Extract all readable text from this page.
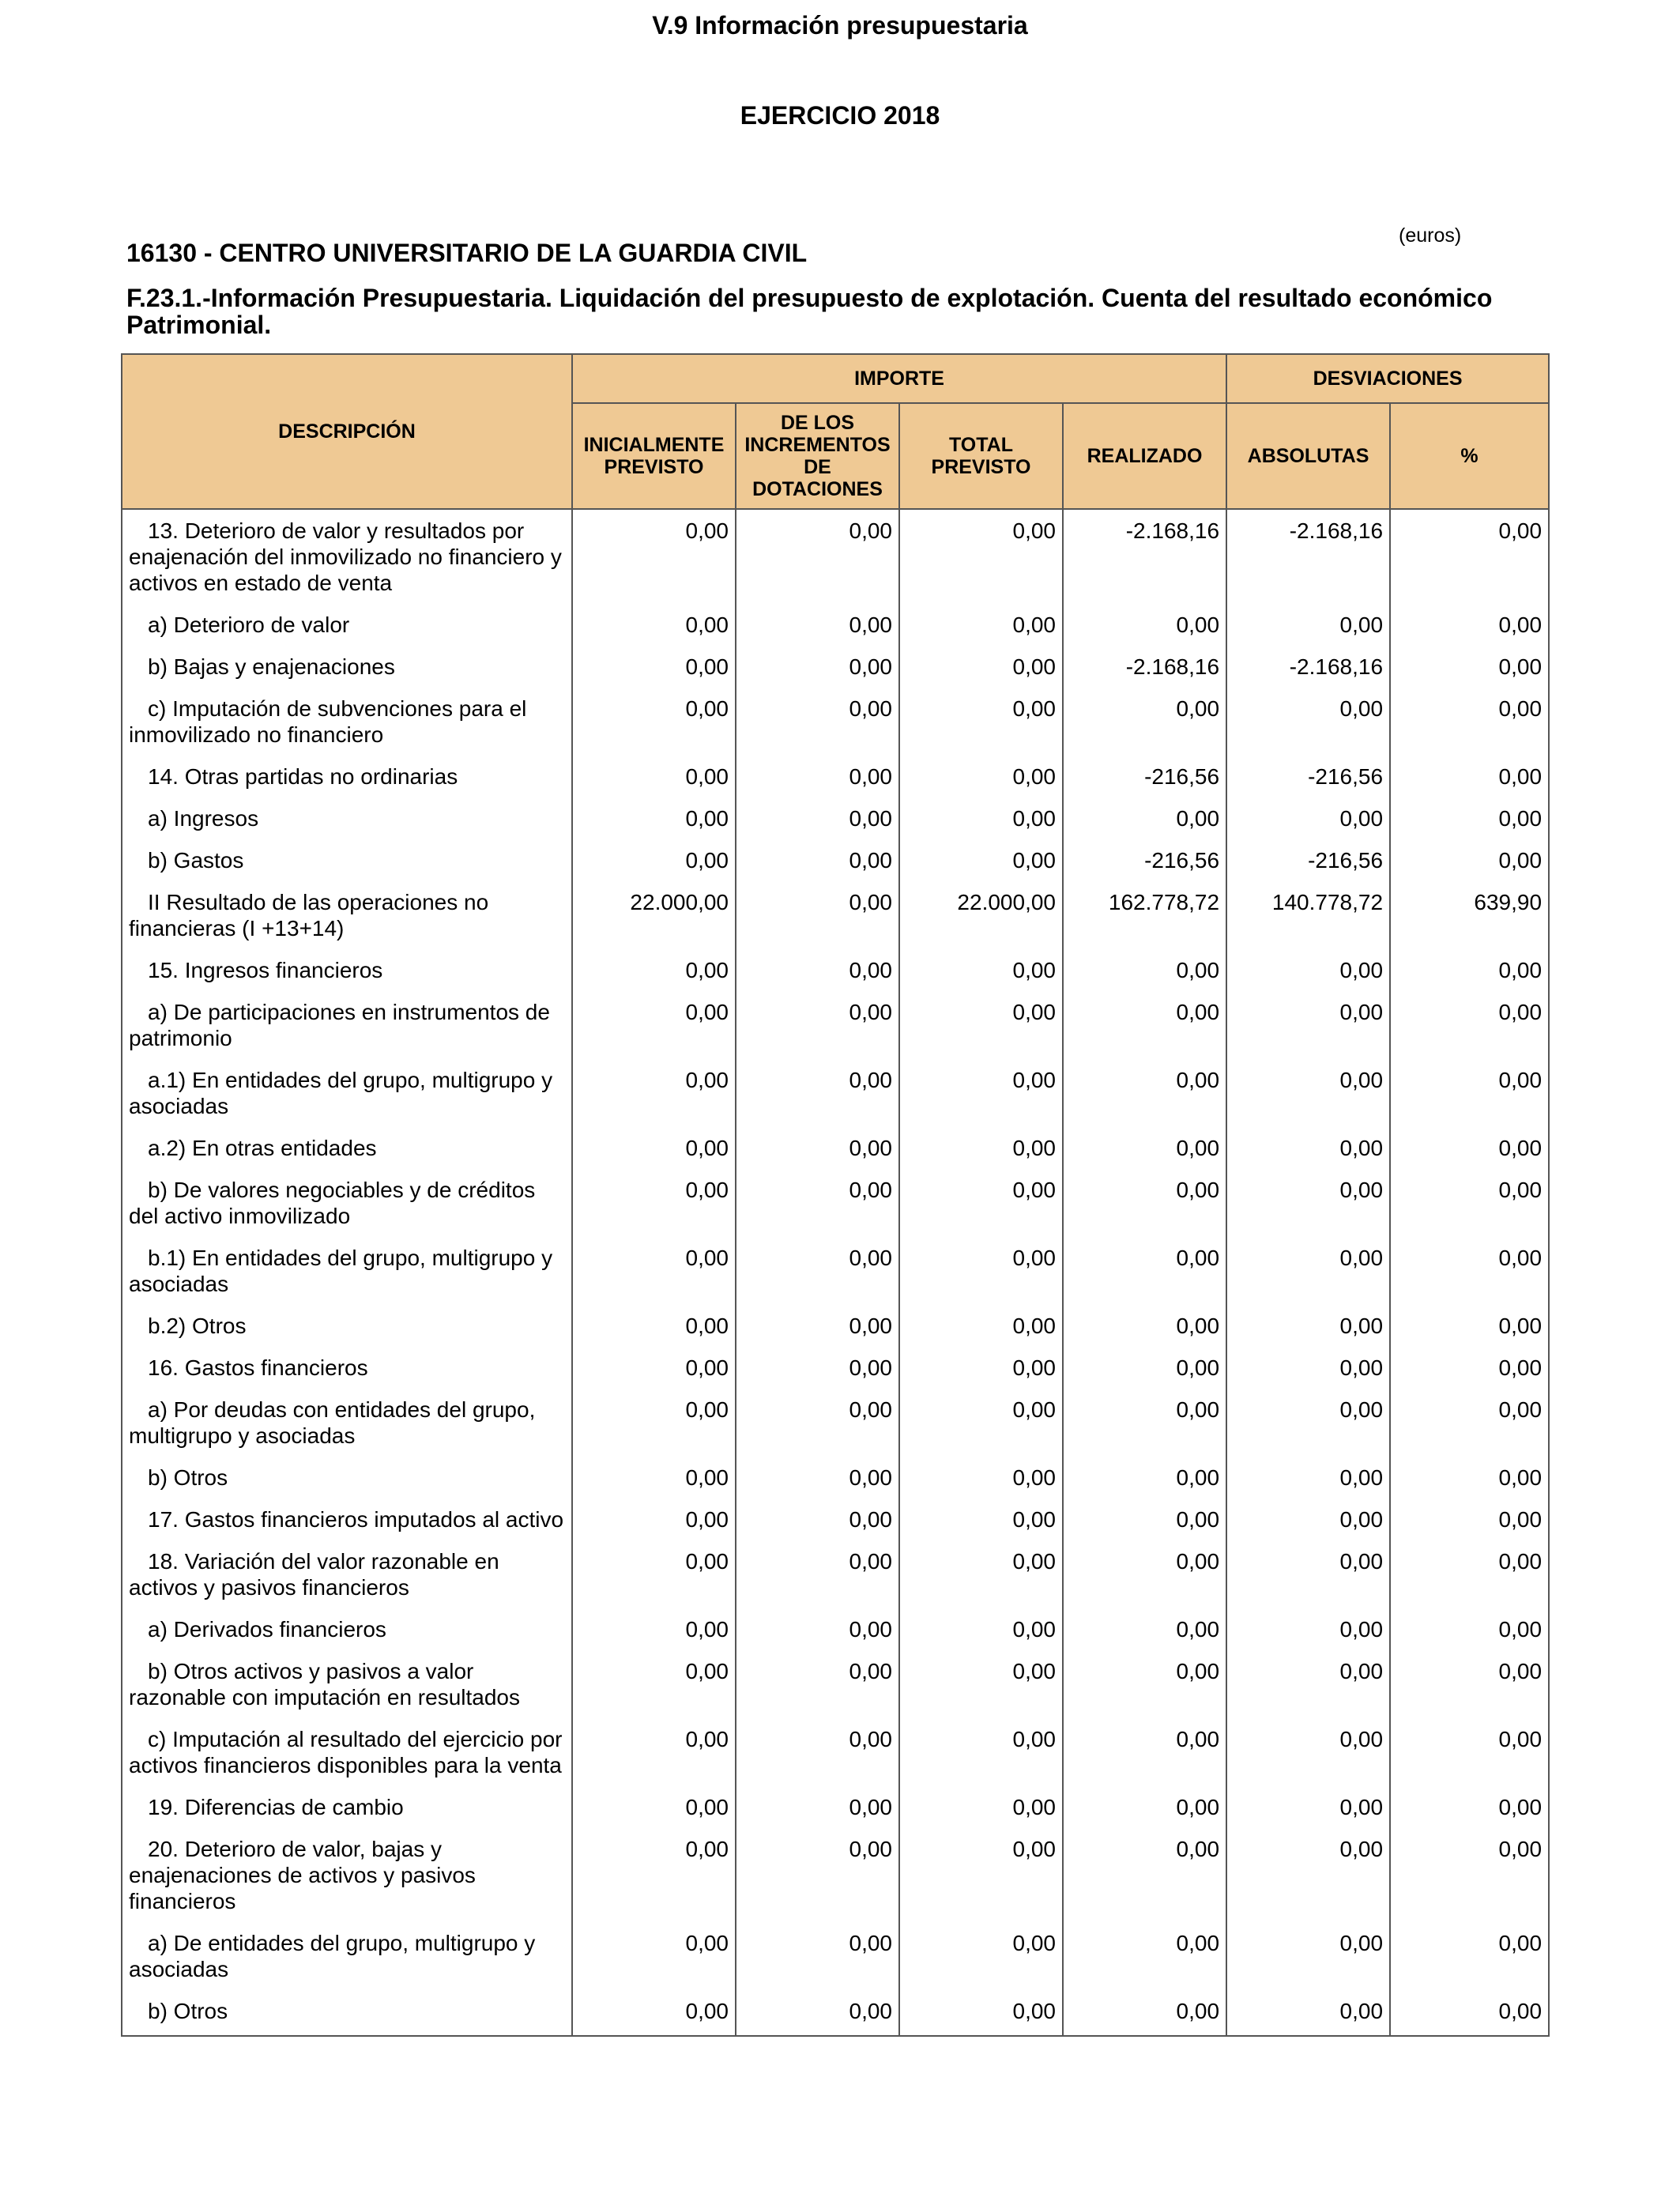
V.9 Información presupuestaria
EJERCICIO 2018
(euros)
16130 - CENTRO UNIVERSITARIO DE LA GUARDIA CIVIL
F.23.1.-Información Presupuestaria. Liquidación del presupuesto de explotación. Cuenta del resultado económico Patrimonial.
DESCRIPCIÓN	IMPORTE				DESVIACIONES	
	INICIALMENTE PREVISTO	DE LOS INCREMENTOS DE DOTACIONES	TOTAL PREVISTO	REALIZADO	ABSOLUTAS	%
13. Deterioro de valor y resultados por enajenación del inmovilizado no financiero y activos en estado de venta	0,00	0,00	0,00	-2.168,16	-2.168,16	0,00
a) Deterioro de valor	0,00	0,00	0,00	0,00	0,00	0,00
b) Bajas y enajenaciones	0,00	0,00	0,00	-2.168,16	-2.168,16	0,00
c) Imputación de subvenciones para el inmovilizado no financiero	0,00	0,00	0,00	0,00	0,00	0,00
14. Otras partidas no ordinarias	0,00	0,00	0,00	-216,56	-216,56	0,00
a) Ingresos	0,00	0,00	0,00	0,00	0,00	0,00
b) Gastos	0,00	0,00	0,00	-216,56	-216,56	0,00
II Resultado de las operaciones no financieras (I +13+14)	22.000,00	0,00	22.000,00	162.778,72	140.778,72	639,90
15. Ingresos financieros	0,00	0,00	0,00	0,00	0,00	0,00
a) De participaciones en instrumentos de patrimonio	0,00	0,00	0,00	0,00	0,00	0,00
a.1) En entidades del grupo, multigrupo y asociadas	0,00	0,00	0,00	0,00	0,00	0,00
a.2) En otras entidades	0,00	0,00	0,00	0,00	0,00	0,00
b) De valores negociables y de créditos del activo inmovilizado	0,00	0,00	0,00	0,00	0,00	0,00
b.1) En entidades del grupo, multigrupo y asociadas	0,00	0,00	0,00	0,00	0,00	0,00
b.2) Otros	0,00	0,00	0,00	0,00	0,00	0,00
16. Gastos financieros	0,00	0,00	0,00	0,00	0,00	0,00
a) Por deudas con entidades del grupo, multigrupo y asociadas	0,00	0,00	0,00	0,00	0,00	0,00
b) Otros	0,00	0,00	0,00	0,00	0,00	0,00
17. Gastos financieros imputados al activo	0,00	0,00	0,00	0,00	0,00	0,00
18. Variación del valor razonable en activos y pasivos financieros	0,00	0,00	0,00	0,00	0,00	0,00
a) Derivados financieros	0,00	0,00	0,00	0,00	0,00	0,00
b) Otros activos y pasivos a valor razonable con imputación en resultados	0,00	0,00	0,00	0,00	0,00	0,00
c) Imputación al resultado del ejercicio por activos financieros disponibles para la venta	0,00	0,00	0,00	0,00	0,00	0,00
19. Diferencias de cambio	0,00	0,00	0,00	0,00	0,00	0,00
20. Deterioro de valor, bajas y enajenaciones de activos y pasivos financieros	0,00	0,00	0,00	0,00	0,00	0,00
a) De entidades del grupo, multigrupo y asociadas	0,00	0,00	0,00	0,00	0,00	0,00
b) Otros	0,00	0,00	0,00	0,00	0,00	0,00
